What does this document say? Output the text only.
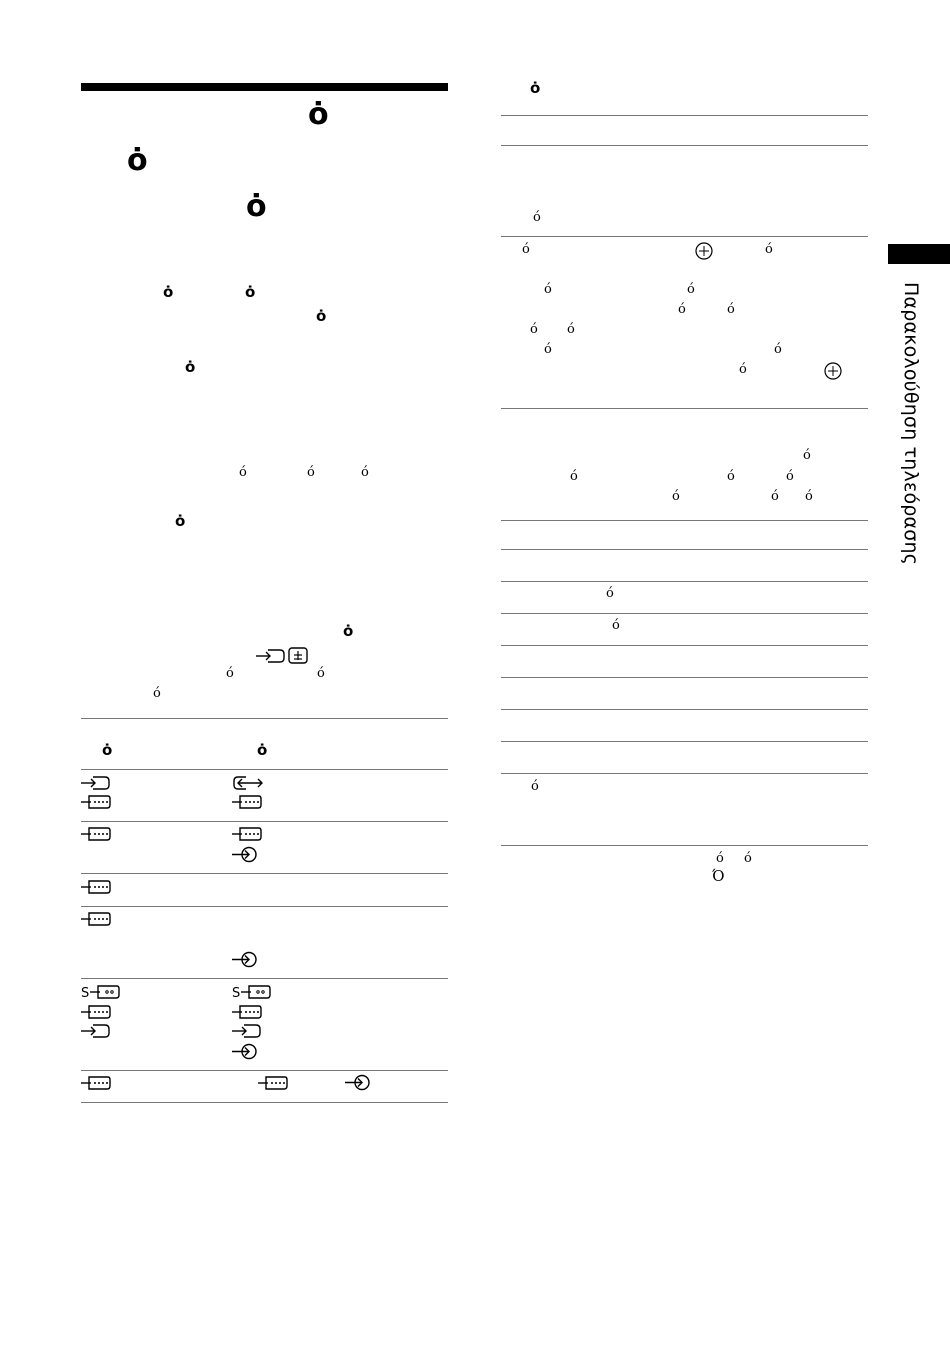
ȯ
ȯ
ȯ
ȯ	ȯ
ȯ
ȯ
ό	ό	ό
ȯ
ȯ
ό	ό
ό
ȯ	ȯ
S	S
ȯ
ό
ό	ό
ό	ό
ό	ό
ό ό
ό	ό
ό
ό
ό	ό	ό
ό	ό ό
ό
ό
ό
ό ό
Ό
Παρακολούθηση τηλεόρασης
